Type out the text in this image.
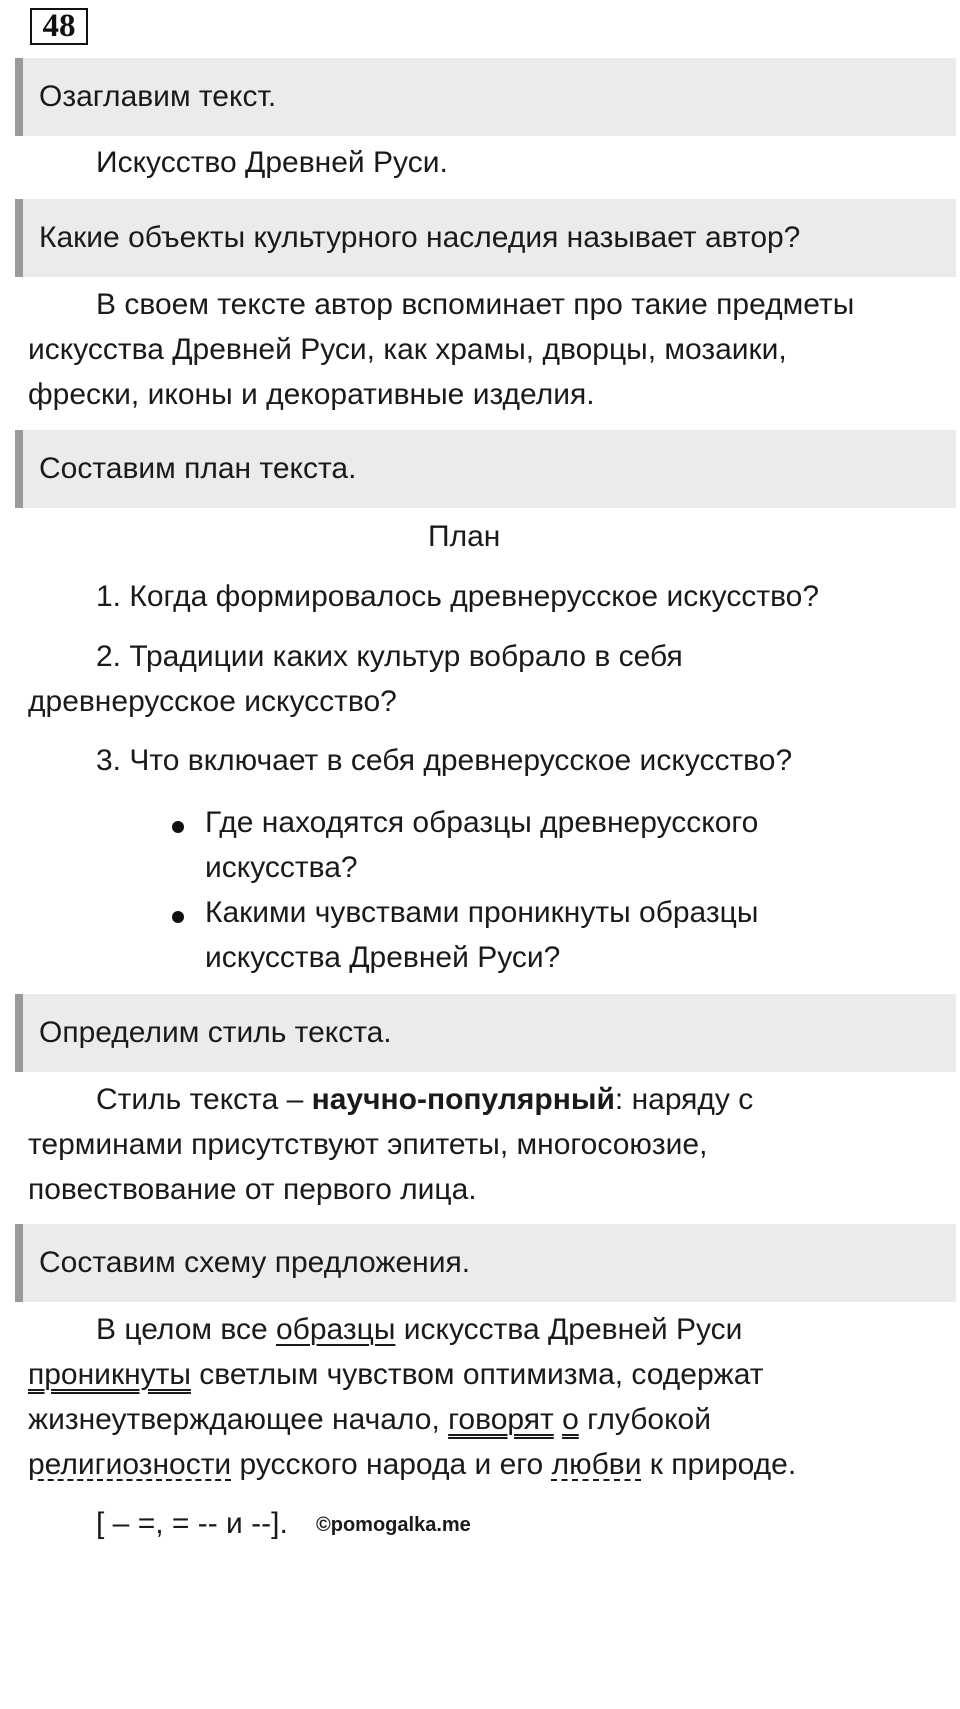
48
Озаглавим текст.
Искусство Древней Руси.
Какие объекты культурного наследия называет автор?
В своем тексте автор вспоминает про такие предметы
искусства Древней Руси, как храмы, дворцы, мозаики,
фрески, иконы и декоративные изделия.
Составим план текста.
План
1. Когда формировалось древнерусское искусство?
2. Традиции каких культур вобрало в себя
древнерусское искусство?
3. Что включает в себя древнерусское искусство?
Где находятся образцы древнерусского
искусства?
Какими чувствами проникнуты образцы
искусства Древней Руси?
Определим стиль текста.
Стиль текста – научно-популярный: наряду с
терминами присутствуют эпитеты, многосоюзие,
повествование от первого лица.
Составим схему предложения.
В целом все образцы искусства Древней Руси
проникнуты светлым чувством оптимизма, содержат
жизнеутверждающее начало, говорят о глубокой
религиозности русского народа и его любви к природе.
[ – =, = -- и --]. ©pomogalka.me
